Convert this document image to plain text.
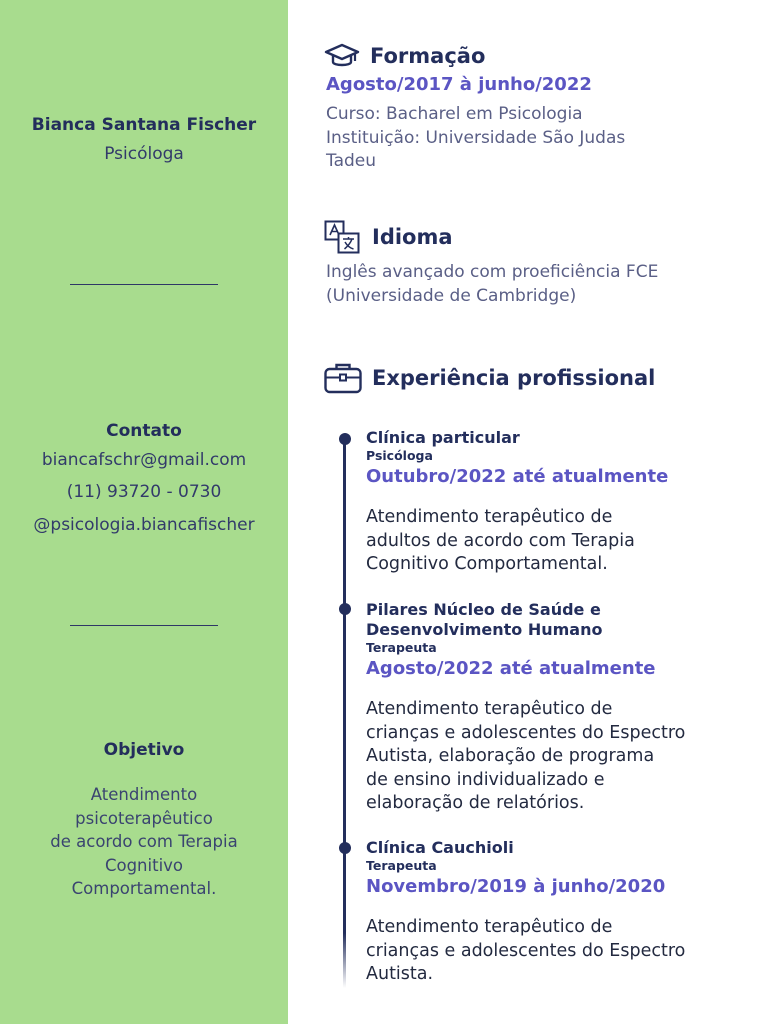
Bianca Santana Fischer
Psicóloga
Contato
biancafschr@gmail.com
(11) 93720 - 0730
@psicologia.biancafischer
Objetivo
Atendimento
psicoterapêutico
de acordo com Terapia
Cognitivo
Comportamental.
Formação
Agosto/2017 à junho/2022
Curso: Bacharel em Psicologia
Instituição: Universidade São Judas
Tadeu
Idioma
Inglês avançado com proeficiência FCE
(Universidade de Cambridge)
Experiência profissional
Clínica particular
Psicóloga
Outubro/2022 até atualmente
Atendimento terapêutico de
adultos de acordo com Terapia
Cognitivo Comportamental.
Pilares Núcleo de Saúde e
Desenvolvimento Humano
Terapeuta
Agosto/2022 até atualmente
Atendimento terapêutico de
crianças e adolescentes do Espectro
Autista, elaboração de programa
de ensino individualizado e
elaboração de relatórios.
Clínica Cauchioli
Terapeuta
Novembro/2019 à junho/2020
Atendimento terapêutico de
crianças e adolescentes do Espectro
Autista.
